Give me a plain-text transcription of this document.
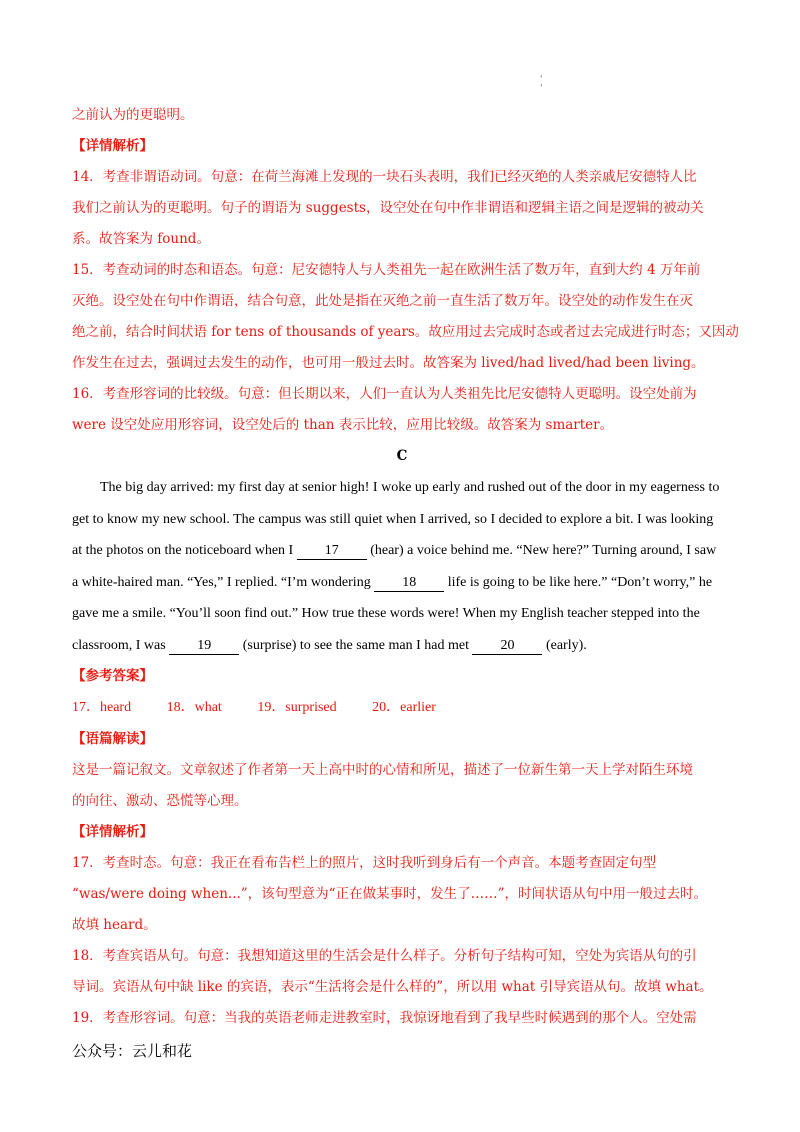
'
'
之前认为的更聪明。
【详情解析】
14．考查非谓语动词。句意：在荷兰海滩上发现的一块石头表明，我们已经灭绝的人类亲戚尼安德特人比
我们之前认为的更聪明。句子的谓语为 suggests，设空处在句中作非谓语和逻辑主语之间是逻辑的被动关
系。故答案为 found。
15．考查动词的时态和语态。句意：尼安德特人与人类祖先一起在欧洲生活了数万年，直到大约 4 万年前
灭绝。设空处在句中作谓语，结合句意，此处是指在灭绝之前一直生活了数万年。设空处的动作发生在灭
绝之前，结合时间状语 for tens of thousands of years。故应用过去完成时态或者过去完成进行时态；又因动
作发生在过去，强调过去发生的动作，也可用一般过去时。故答案为 lived/had lived/had been living。
16．考查形容词的比较级。句意：但长期以来，人们一直认为人类祖先比尼安德特人更聪明。设空处前为
were 设空处应用形容词，设空处后的 than 表示比较，应用比较级。故答案为 smarter。
C
The big day arrived: my first day at senior high! I woke up early and rushed out of the door in my eagerness to
get to know my new school. The campus was still quiet when I arrived, so I decided to explore a bit. I was looking
at the photos on the noticeboard when I 17 (hear) a voice behind me. “New here?” Turning around, I saw
a white-haired man. “Yes,” I replied. “I’m wondering 18 life is going to be like here.” “Don’t worry,” he
gave me a smile. “You’ll soon find out.” How true these words were! When my English teacher stepped into the
classroom, I was 19 (surprise) to see the same man I had met 20 (early).
【参考答案】
17．heard	18．what	19．surprised	20．earlier
【语篇解读】
这是一篇记叙文。文章叙述了作者第一天上高中时的心情和所见，描述了一位新生第一天上学对陌生环境
的向往、激动、恐慌等心理。
【详情解析】
17．考查时态。句意：我正在看布告栏上的照片，这时我听到身后有一个声音。本题考查固定句型
“was/were doing when...”，该句型意为“正在做某事时，发生了……”，时间状语从句中用一般过去时。
故填 heard。
18．考查宾语从句。句意：我想知道这里的生活会是什么样子。分析句子结构可知，空处为宾语从句的引
导词。宾语从句中缺 like 的宾语，表示“生活将会是什么样的”，所以用 what 引导宾语从句。故填 what。
19．考查形容词。句意：当我的英语老师走进教室时，我惊讶地看到了我早些时候遇到的那个人。空处需
公众号：云儿和花
